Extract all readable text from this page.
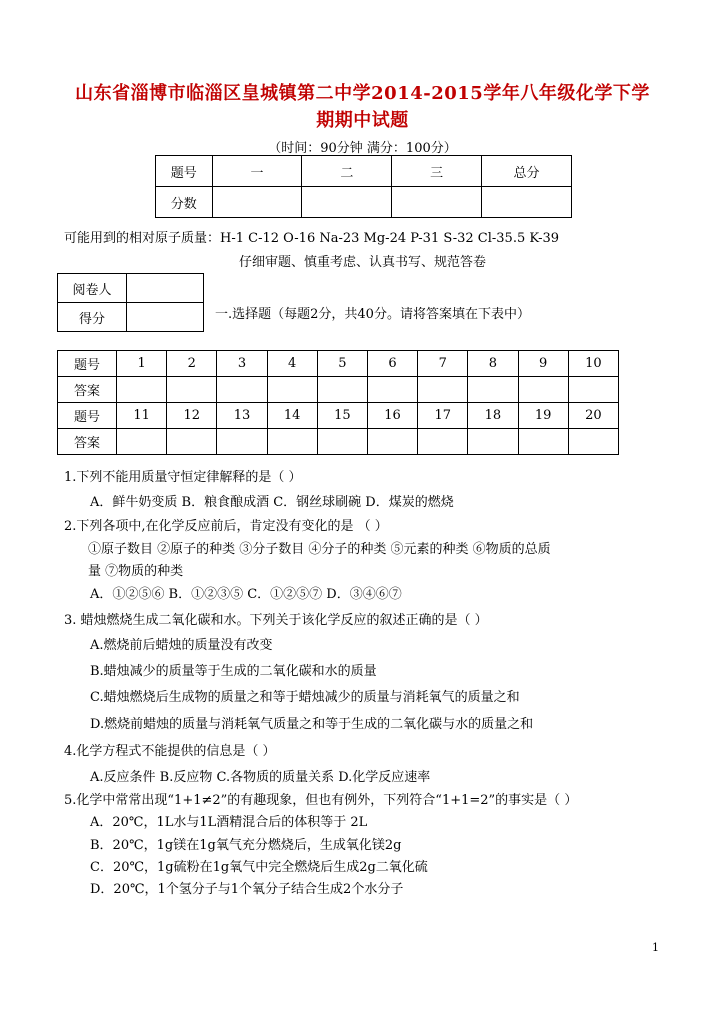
山东省淄博市临淄区皇城镇第二中学2014-2015学年八年级化学下学
期期中试题
（时间：90分钟 满分：100分）
题号	一	二	三	总分
分数				
可能用到的相对原子质量：H-1 C-12 O-16 Na-23 Mg-24 P-31 S-32 Cl-35.5 K-39
仔细审题、慎重考虑、认真书写、规范答卷
阅卷人	
得分		一.选择题（每题2分，共40分。请将答案填在下表中）
题号	1	2	3	4	5	6	7	8	9	10
答案										
题号	11	12	13	14	15	16	17	18	19	20
答案										
1.下列不能用质量守恒定律解释的是（ ）
A．鲜牛奶变质 B．粮食酿成酒 C．钢丝球刷碗 D．煤炭的燃烧
2.下列各项中,在化学反应前后，肯定没有变化的是 （ ）
①原子数目 ②原子的种类 ③分子数目 ④分子的种类 ⑤元素的种类 ⑥物质的总质
量 ⑦物质的种类
A．①②⑤⑥ B．①②③⑤ C．①②⑤⑦ D．③④⑥⑦
3. 蜡烛燃烧生成二氧化碳和水。下列关于该化学反应的叙述正确的是（ ）
A.燃烧前后蜡烛的质量没有改变
B.蜡烛减少的质量等于生成的二氧化碳和水的质量
C.蜡烛燃烧后生成物的质量之和等于蜡烛减少的质量与消耗氧气的质量之和
D.燃烧前蜡烛的质量与消耗氧气质量之和等于生成的二氧化碳与水的质量之和
4.化学方程式不能提供的信息是（ ）
A.反应条件 B.反应物 C.各物质的质量关系 D.化学反应速率
5.化学中常常出现“1+1≠2”的有趣现象，但也有例外，下列符合“1+1=2”的事实是（ ）
A．20℃，1L水与1L酒精混合后的体积等于 2L
B．20℃，1g镁在1g氧气充分燃烧后，生成氧化镁2g
C．20℃，1g硫粉在1g氧气中完全燃烧后生成2g二氧化硫
D．20℃，1个氢分子与1个氧分子结合生成2个水分子
1
